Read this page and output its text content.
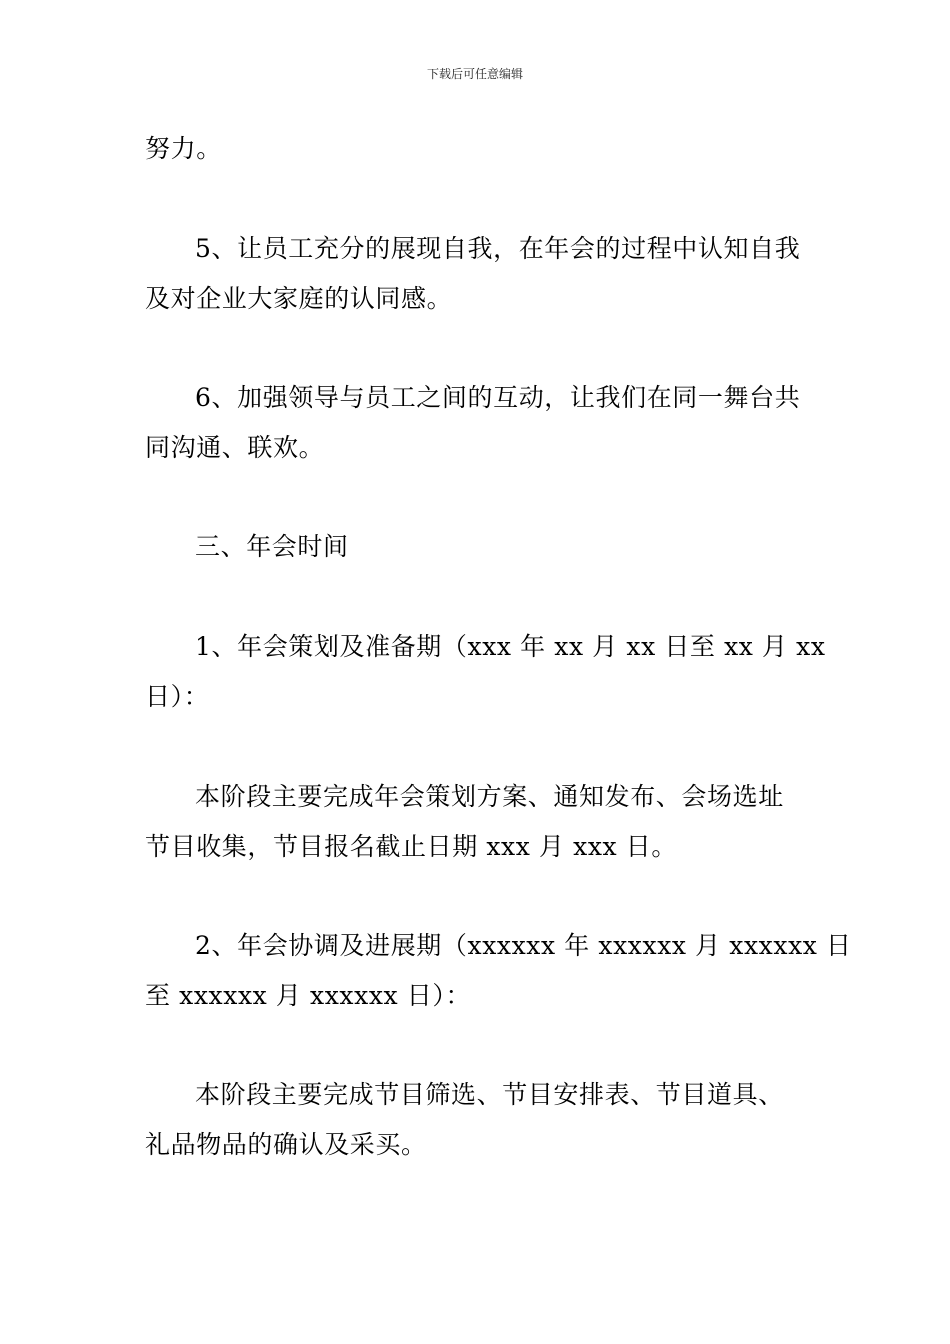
下载后可任意编辑
努力。
5、让员工充分的展现自我，在年会的过程中认知自我
及对企业大家庭的认同感。
6、加强领导与员工之间的互动，让我们在同一舞台共
同沟通、联欢。
三、年会时间
1、年会策划及准备期（xxx 年 xx 月 xx 日至 xx 月 xx
日）：
本阶段主要完成年会策划方案、通知发布、会场选址
节目收集，节目报名截止日期 xxx 月 xxx 日。
2、年会协调及进展期（xxxxxx 年 xxxxxx 月 xxxxxx 日
至 xxxxxx 月 xxxxxx 日）：
本阶段主要完成节目筛选、节目安排表、节目道具、
礼品物品的确认及采买。
